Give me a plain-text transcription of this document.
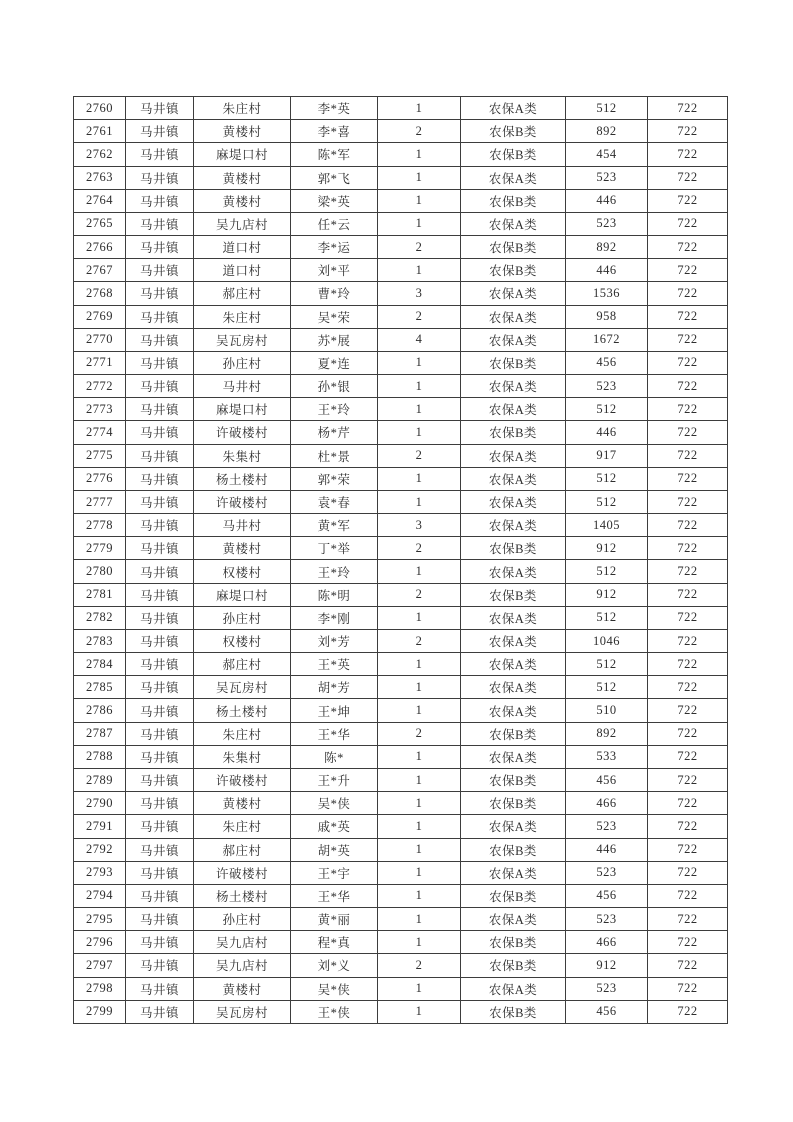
2760	马井镇	朱庄村	李*英	1	农保A类	512	722
2761	马井镇	黄楼村	李*喜	2	农保B类	892	722
2762	马井镇	麻堤口村	陈*军	1	农保B类	454	722
2763	马井镇	黄楼村	郭*飞	1	农保A类	523	722
2764	马井镇	黄楼村	梁*英	1	农保B类	446	722
2765	马井镇	吴九店村	任*云	1	农保A类	523	722
2766	马井镇	道口村	李*运	2	农保B类	892	722
2767	马井镇	道口村	刘*平	1	农保B类	446	722
2768	马井镇	郝庄村	曹*玲	3	农保A类	1536	722
2769	马井镇	朱庄村	吴*荣	2	农保A类	958	722
2770	马井镇	吴瓦房村	苏*展	4	农保A类	1672	722
2771	马井镇	孙庄村	夏*连	1	农保B类	456	722
2772	马井镇	马井村	孙*银	1	农保A类	523	722
2773	马井镇	麻堤口村	王*玲	1	农保A类	512	722
2774	马井镇	许破楼村	杨*芹	1	农保B类	446	722
2775	马井镇	朱集村	杜*景	2	农保A类	917	722
2776	马井镇	杨土楼村	郭*荣	1	农保A类	512	722
2777	马井镇	许破楼村	袁*春	1	农保A类	512	722
2778	马井镇	马井村	黄*军	3	农保A类	1405	722
2779	马井镇	黄楼村	丁*举	2	农保B类	912	722
2780	马井镇	权楼村	王*玲	1	农保A类	512	722
2781	马井镇	麻堤口村	陈*明	2	农保B类	912	722
2782	马井镇	孙庄村	李*刚	1	农保A类	512	722
2783	马井镇	权楼村	刘*芳	2	农保A类	1046	722
2784	马井镇	郝庄村	王*英	1	农保A类	512	722
2785	马井镇	吴瓦房村	胡*芳	1	农保A类	512	722
2786	马井镇	杨土楼村	王*坤	1	农保A类	510	722
2787	马井镇	朱庄村	王*华	2	农保B类	892	722
2788	马井镇	朱集村	陈*	1	农保A类	533	722
2789	马井镇	许破楼村	王*升	1	农保B类	456	722
2790	马井镇	黄楼村	吴*侠	1	农保B类	466	722
2791	马井镇	朱庄村	戚*英	1	农保A类	523	722
2792	马井镇	郝庄村	胡*英	1	农保B类	446	722
2793	马井镇	许破楼村	王*宇	1	农保A类	523	722
2794	马井镇	杨土楼村	王*华	1	农保B类	456	722
2795	马井镇	孙庄村	黄*丽	1	农保A类	523	722
2796	马井镇	吴九店村	程*真	1	农保B类	466	722
2797	马井镇	吴九店村	刘*义	2	农保B类	912	722
2798	马井镇	黄楼村	吴*侠	1	农保A类	523	722
2799	马井镇	吴瓦房村	王*侠	1	农保B类	456	722
